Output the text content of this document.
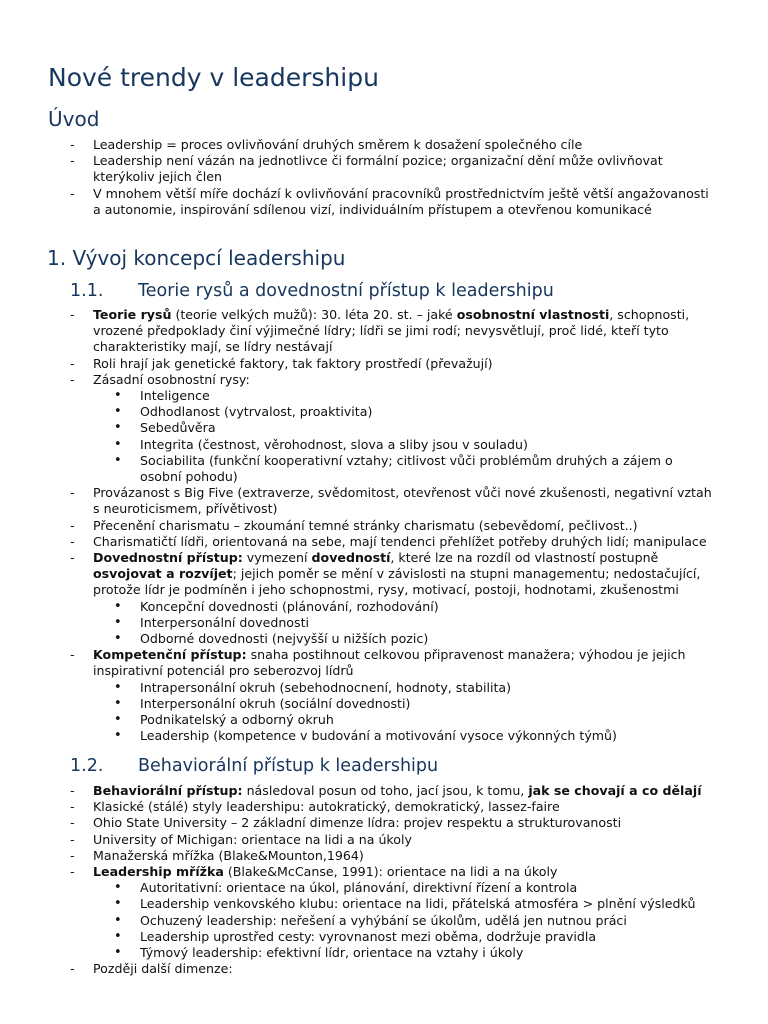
Nové trendy v leadershipu
Úvod
- Leadership = proces ovlivňování druhých směrem k dosažení společného cíle
- Leadership není vázán na jednotlivce či formální pozice; organizační dění může ovlivňovat kterýkoliv jejich člen
- V mnohem větší míře dochází k ovlivňování pracovníků prostřednictvím ještě větší angažovanosti a autonomie, inspirování sdílenou vizí, individuálním přístupem a otevřenou komunikacé
1. Vývoj koncepcí leadershipu
1.1. Teorie rysů a dovednostní přístup k leadershipu
- Teorie rysů (teorie velkých mužů): 30. léta 20. st. – jaké osobnostní vlastnosti, schopnosti, vrozené předpoklady činí výjimečné lídry; lídři se jimi rodí; nevysvětlují, proč lidé, kteří tyto charakteristiky mají, se lídry nestávají
- Roli hrají jak genetické faktory, tak faktory prostředí (převažují)
- Zásadní osobnostní rysy:
• Inteligence
• Odhodlanost (vytrvalost, proaktivita)
• Sebedůvěra
• Integrita (čestnost, věrohodnost, slova a sliby jsou v souladu)
• Sociabilita (funkční kooperativní vztahy; citlivost vůči problémům druhých a zájem o osobní pohodu)
- Provázanost s Big Five (extraverze, svědomitost, otevřenost vůči nové zkušenosti, negativní vztah s neuroticismem, přívětivost)
- Přecenění charismatu – zkoumání temné stránky charismatu (sebevědomí, pečlivost..)
- Charismatičtí lídři, orientovaná na sebe, mají tendenci přehlížet potřeby druhých lidí; manipulace
- Dovednostní přístup: vymezení dovedností, které lze na rozdíl od vlastností postupně osvojovat a rozvíjet; jejich poměr se mění v závislosti na stupni managementu; nedostačující, protože lídr je podmíněn i jeho schopnostmi, rysy, motivací, postoji, hodnotami, zkušenostmi
• Koncepční dovednosti (plánování, rozhodování)
• Interpersonální dovednosti
• Odborné dovednosti (nejvyšší u nižších pozic)
- Kompetenční přístup: snaha postihnout celkovou připravenost manažera; výhodou je jejich inspirativní potenciál pro seberozvoj lídrů
• Intrapersonální okruh (sebehodnocnení, hodnoty, stabilita)
• Interpersonální okruh (sociální dovednosti)
• Podnikatelský a odborný okruh
• Leadership (kompetence v budování a motivování vysoce výkonných týmů)
1.2. Behaviorální přístup k leadershipu
- Behaviorální přístup: následoval posun od toho, jací jsou, k tomu, jak se chovají a co dělají
- Klasické (stálé) styly leadershipu: autokratický, demokratický, lassez-faire
- Ohio State University – 2 základní dimenze lídra: projev respektu a strukturovanosti
- University of Michigan: orientace na lidi a na úkoly
- Manažerská mřížka (Blake&Mounton,1964)
- Leadership mřížka (Blake&McCanse, 1991): orientace na lidi a na úkoly
• Autoritativní: orientace na úkol, plánování, direktivní řízení a kontrola
• Leadership venkovského klubu: orientace na lidi, přátelská atmosféra > plnění výsledků
• Ochuzený leadership: neřešení a vyhýbání se úkolům, udělá jen nutnou práci
• Leadership uprostřed cesty: vyrovnanost mezi oběma, dodržuje pravidla
• Týmový leadership: efektivní lídr, orientace na vztahy i úkoly
- Později další dimenze:
